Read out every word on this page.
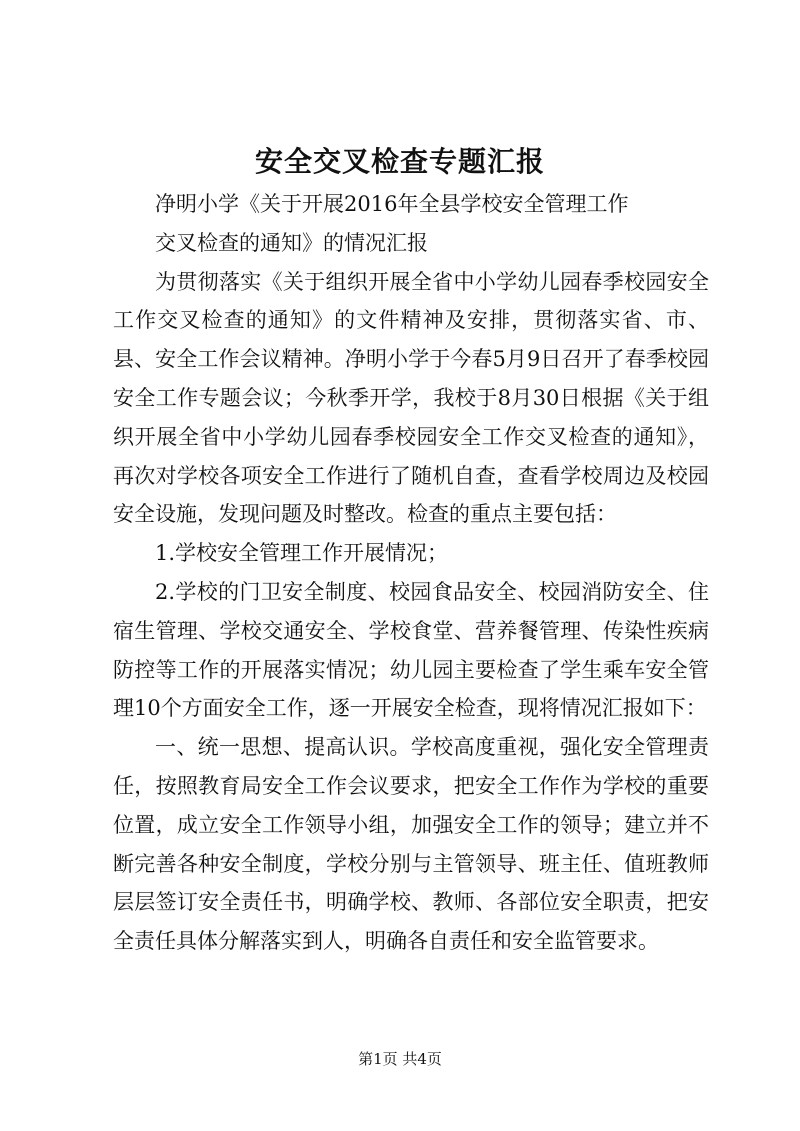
安全交叉检查专题汇报

净明小学《关于开展2016年全县学校安全管理工作

交叉检查的通知》的情况汇报

为贯彻落实《关于组织开展全省中小学幼儿园春季校园安全工作交叉检查的通知》的文件精神及安排，贯彻落实省、市、县、安全工作会议精神。净明小学于今春5月9日召开了春季校园安全工作专题会议；今秋季开学，我校于8月30日根据《关于组织开展全省中小学幼儿园春季校园安全工作交叉检查的通知》，再次对学校各项安全工作进行了随机自查，查看学校周边及校园安全设施，发现问题及时整改。检查的重点主要包括：

1.学校安全管理工作开展情况；

2.学校的门卫安全制度、校园食品安全、校园消防安全、住宿生管理、学校交通安全、学校食堂、营养餐管理、传染性疾病防控等工作的开展落实情况；幼儿园主要检查了学生乘车安全管理10个方面安全工作，逐一开展安全检查，现将情况汇报如下：

一、统一思想、提高认识。学校高度重视，强化安全管理责任，按照教育局安全工作会议要求，把安全工作作为学校的重要位置，成立安全工作领导小组，加强安全工作的领导；建立并不断完善各种安全制度，学校分别与主管领导、班主任、值班教师层层签订安全责任书，明确学校、教师、各部位安全职责，把安全责任具体分解落实到人，明确各自责任和安全监管要求。

第1页 共4页
